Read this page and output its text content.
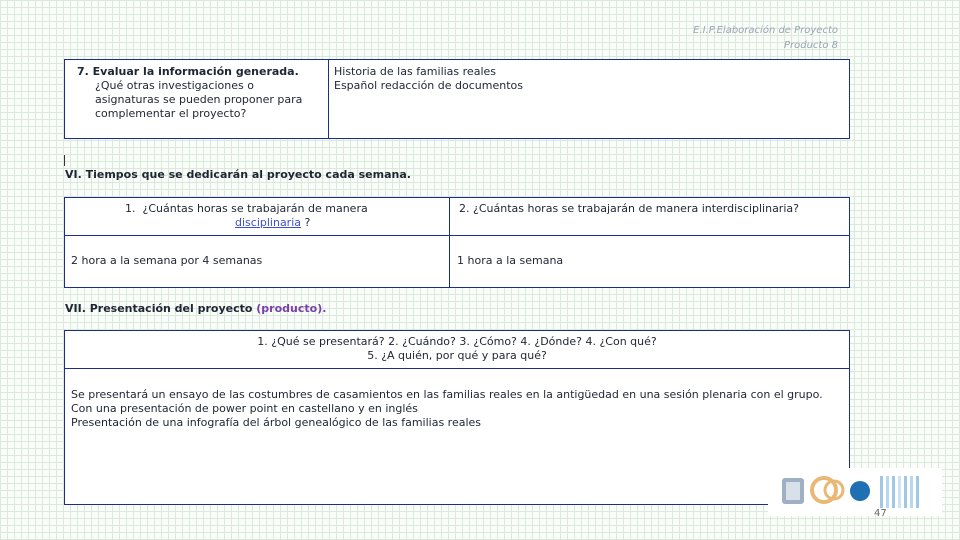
E.I.P.Elaboración de Proyecto
Producto 8
7. Evaluar la información generada.
¿Qué otras investigaciones o asignaturas se pueden proponer para complementar el proyecto?
Historia de las familias reales
Español redacción de documentos
VI. Tiempos que se dedicarán al proyecto cada semana.
1. ¿Cuántas horas se trabajarán de manera
disciplinaria ?
2. ¿Cuántas horas se trabajarán de manera interdisciplinaria?
2 hora a la semana por 4 semanas	1 hora a la semana
VII. Presentación del proyecto (producto).
1. ¿Qué se presentará? 2. ¿Cuándo? 3. ¿Cómo? 4. ¿Dónde? 4. ¿Con qué?
5. ¿A quién, por qué y para qué?
Se presentará un ensayo de las costumbres de casamientos en las familias reales en la antigüedad en una sesión plenaria con el grupo.
Con una presentación de power point en castellano y en inglés
Presentación de una infografía del árbol genealógico de las familias reales
47
